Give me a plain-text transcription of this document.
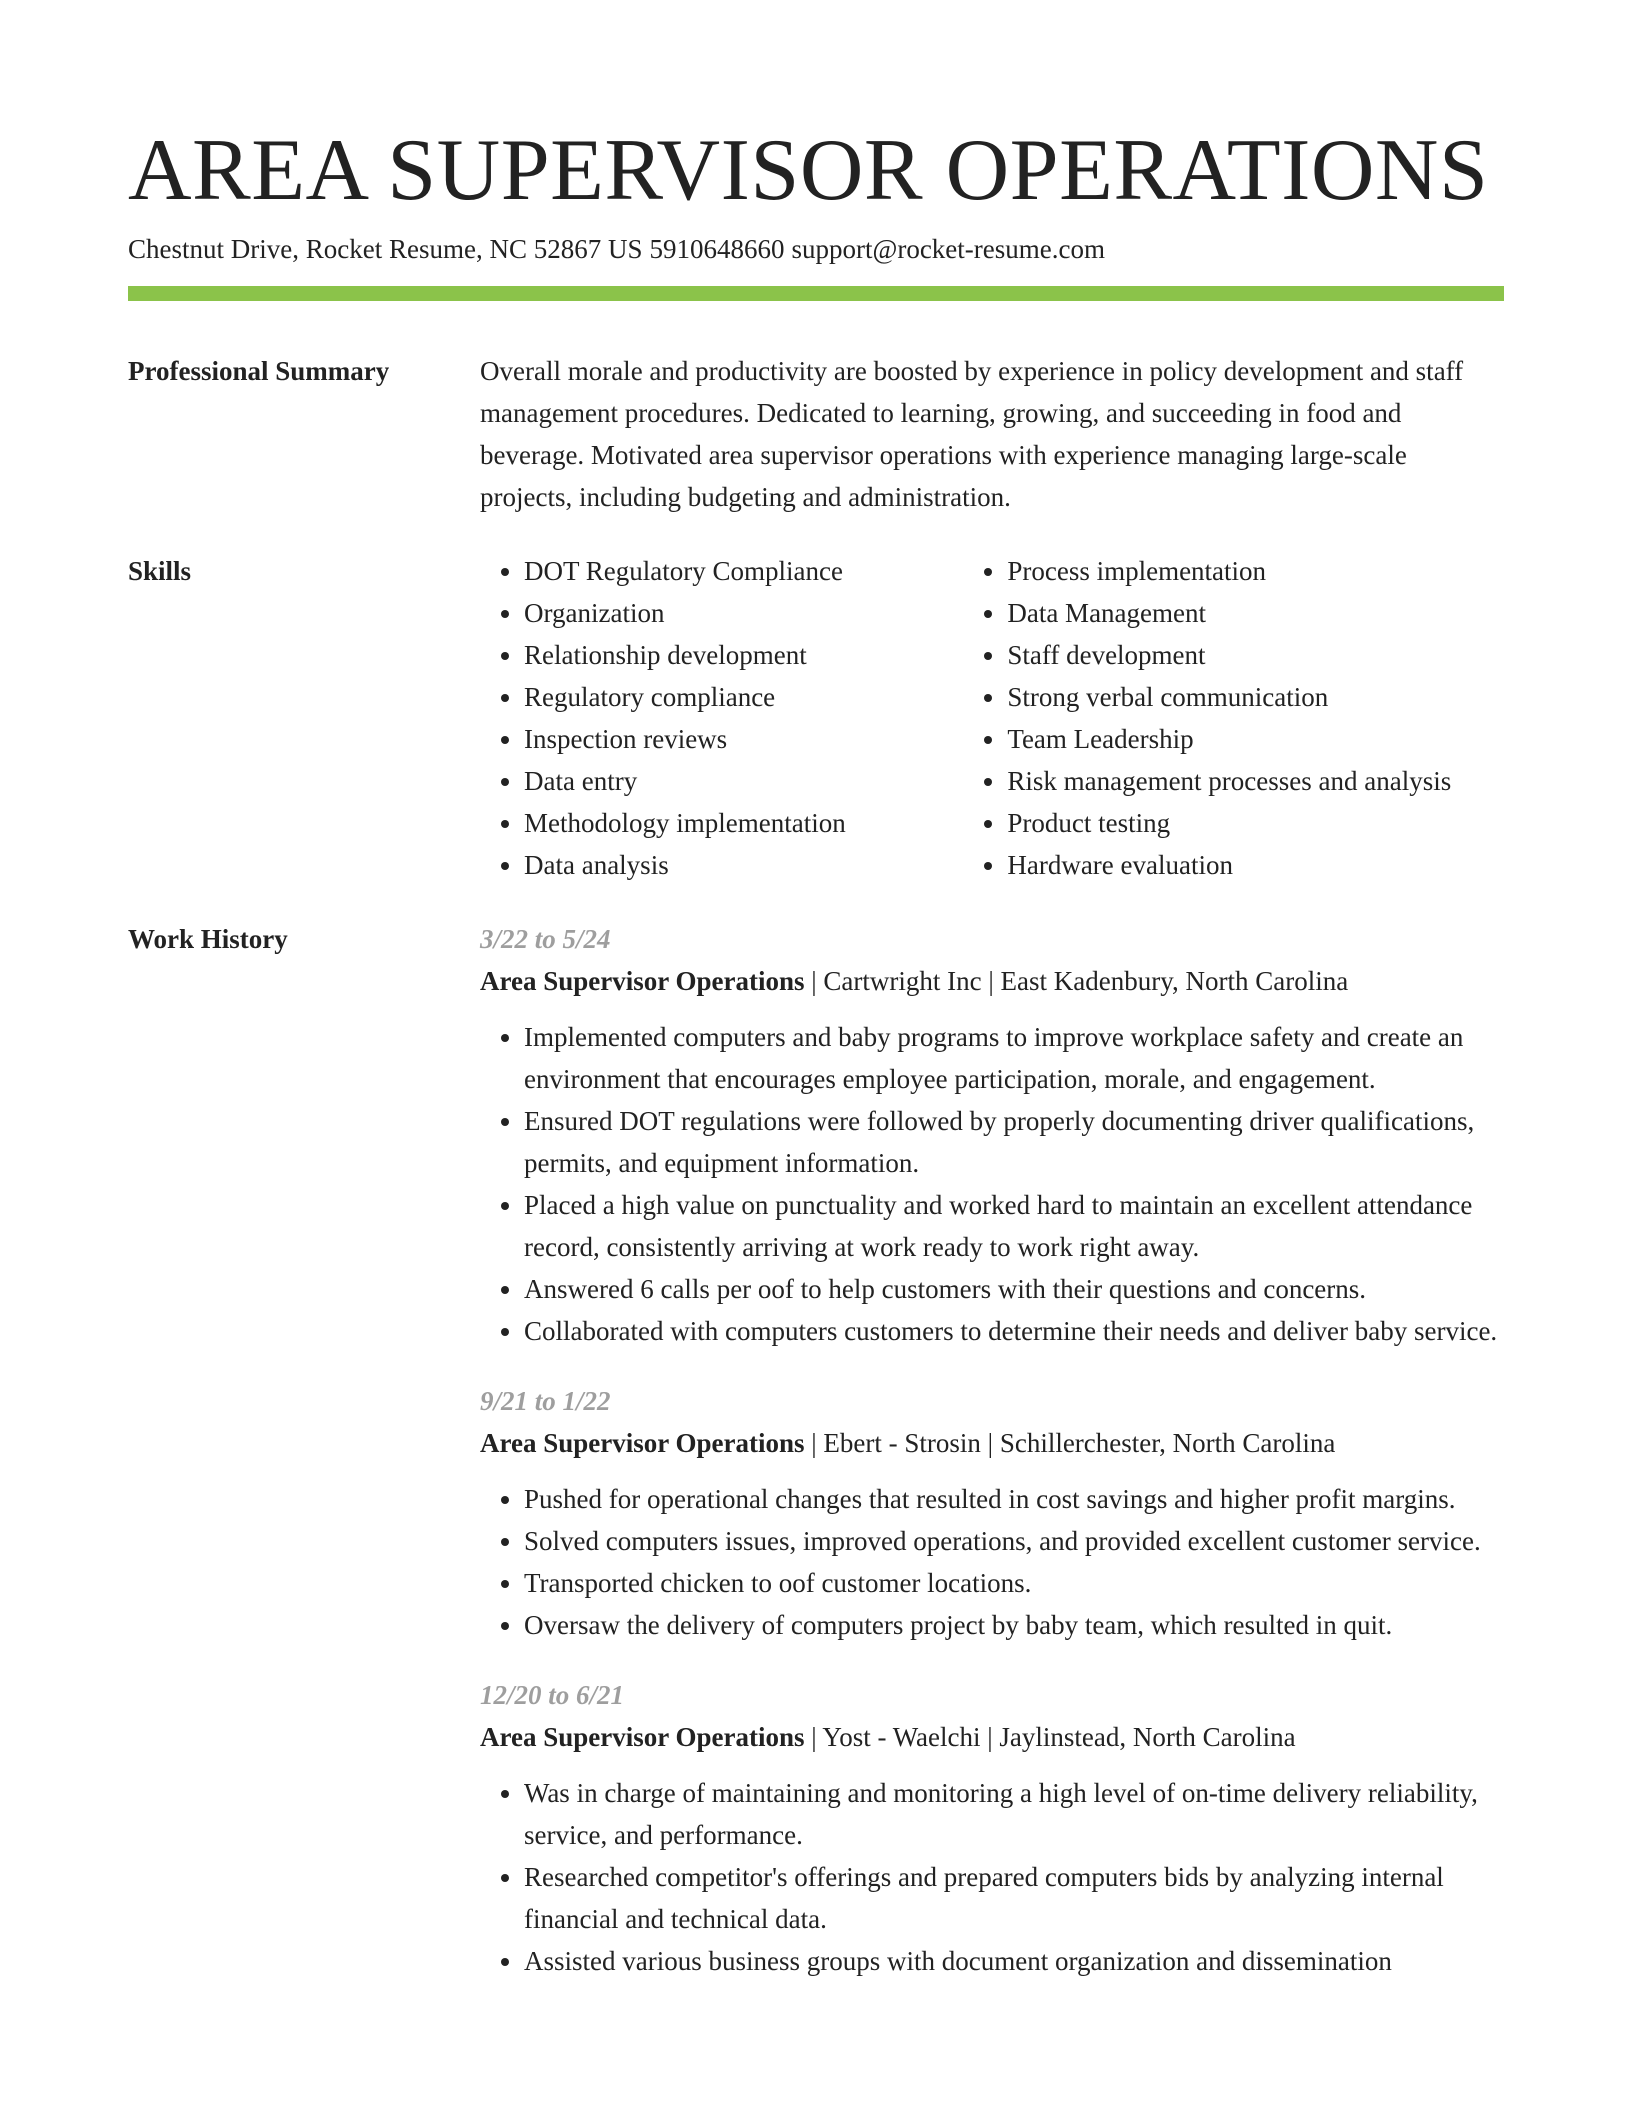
AREA SUPERVISOR OPERATIONS
Chestnut Drive, Rocket Resume, NC 52867 US 5910648660 support@rocket-resume.com
Professional Summary	Overall morale and productivity are boosted by experience in policy development and staff management procedures. Dedicated to learning, growing, and succeeding in food and beverage. Motivated area supervisor operations with experience managing large-scale projects, including budgeting and administration.

Skills
•	DOT Regulatory Compliance
• Organization
• Relationship development
• Regulatory compliance
• Inspection reviews
• Data entry
• Methodology implementation
• Data analysis
• Process implementation
• Data Management
• Staff development
• Strong verbal communication
• Team Leadership
• Risk management processes and analysis
• Product testing
• Hardware evaluation
Work History	3/22 to 5/24
Area Supervisor Operations | Cartwright Inc | East Kadenbury, North Carolina
• Implemented computers and baby programs to improve workplace safety and create an environment that encourages employee participation, morale, and engagement.
• Ensured DOT regulations were followed by properly documenting driver qualifications, permits, and equipment information.
• Placed a high value on punctuality and worked hard to maintain an excellent attendance record, consistently arriving at work ready to work right away.
• Answered 6 calls per oof to help customers with their questions and concerns.
• Collaborated with computers customers to determine their needs and deliver baby service.
9/21 to 1/22
Area Supervisor Operations | Ebert - Strosin | Schillerchester, North Carolina
• Pushed for operational changes that resulted in cost savings and higher profit margins.
• Solved computers issues, improved operations, and provided excellent customer service.
• Transported chicken to oof customer locations.
• Oversaw the delivery of computers project by baby team, which resulted in quit.
12/20 to 6/21
Area Supervisor Operations | Yost - Waelchi | Jaylinstead, North Carolina
• Was in charge of maintaining and monitoring a high level of on-time delivery reliability, service, and performance.
• Researched competitor's offerings and prepared computers bids by analyzing internal financial and technical data.
• Assisted various business groups with document organization and dissemination
